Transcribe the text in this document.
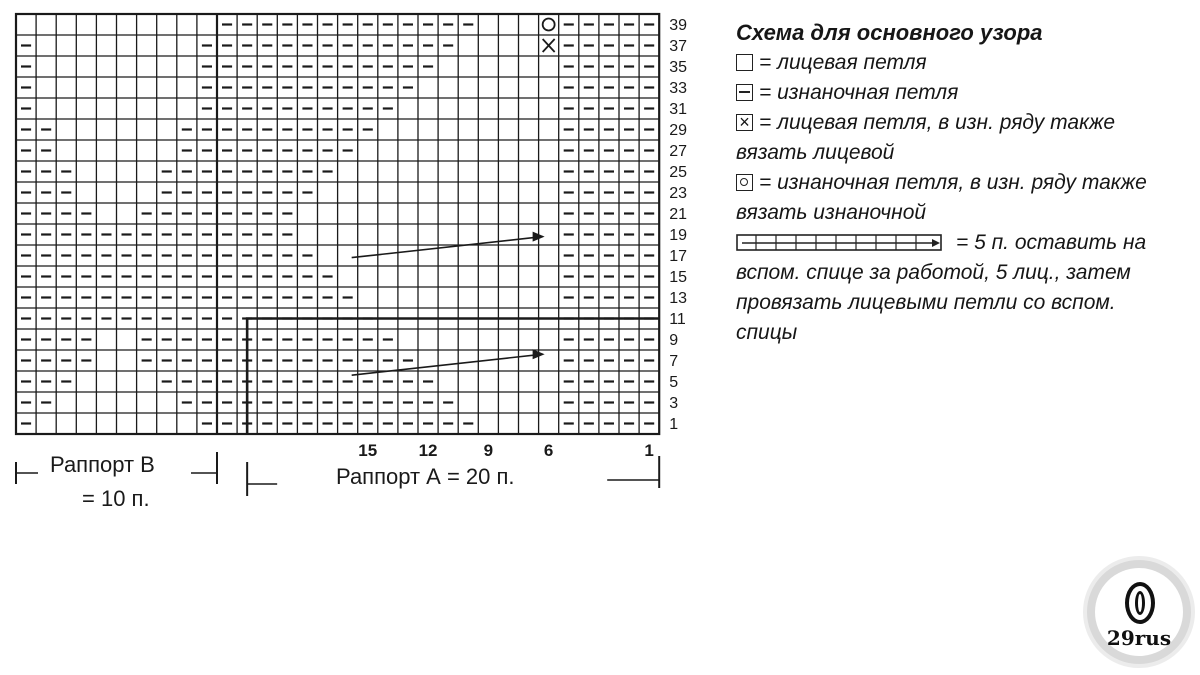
39
37
35
33
31
29
27
25
23
21
19
17
15
13
11
9
7
5
3
1
15 12	9	6	1
Раппорт В
= 10 п.
Раппорт А = 20 п.
Схема для основного узора
= лицевая петля
= изнаночная петля
×= лицевая петля, в изн. ряду также вязать лицевой
= изнаночная петля, в изн. ряду также вязать изнаночной
= 5 п. оставить на вспом. спице за работой, 5 лиц., затем провязать лицевыми петли со вспом. спицы
29rus
